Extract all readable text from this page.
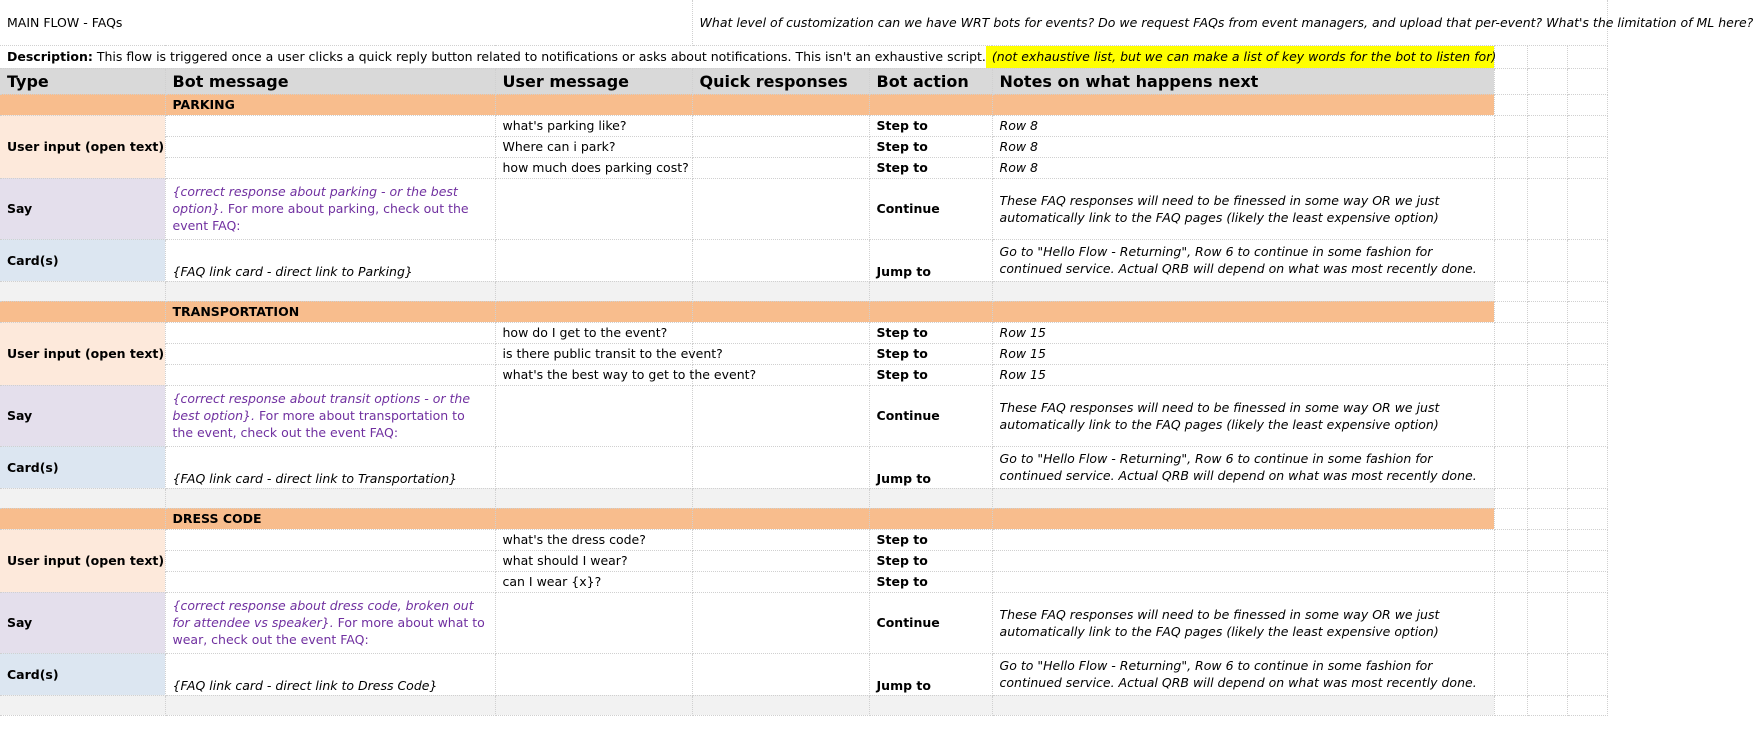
MAIN FLOW - FAQs			What level of customization can we have WRT bots for events? Do we request FAQs from event managers, and upload that per-event? What's the limitation of ML here?					

Description: This flow is triggered once a user clicks a quick reply button related to notifications or asks about notifications. This isn't an exhaustive script. (not exhaustive list, but we can make a list of key words for the bot to listen for)								

Type	Bot message	User message	Quick responses	Bot action	Notes on what happens next			
	PARKING							
User input (open text)		what's parking like?		Step to	Row 8			
		Where can i park?		Step to	Row 8			
		how much does parking cost?		Step to	Row 8			
Say	{correct response about parking - or the best option}. For more about parking, check out the event FAQ:			Continue	These FAQ responses will need to be finessed in some way OR we just automatically link to the FAQ pages (likely the least expensive option)			
Card(s)	{FAQ link card - direct link to Parking}			Jump to	Go to "Hello Flow - Returning", Row 6 to continue in some fashion for continued service. Actual QRB will depend on what was most recently done.			

	TRANSPORTATION							
User input (open text)		how do I get to the event?		Step to	Row 15			
		is there public transit to the event?		Step to	Row 15			
		what's the best way to get to the event?		Step to	Row 15			
Say	{correct response about transit options - or the best option}. For more about transportation to the event, check out the event FAQ:			Continue	These FAQ responses will need to be finessed in some way OR we just automatically link to the FAQ pages (likely the least expensive option)			
Card(s)	{FAQ link card - direct link to Transportation}			Jump to	Go to "Hello Flow - Returning", Row 6 to continue in some fashion for continued service. Actual QRB will depend on what was most recently done.			

	DRESS CODE							
User input (open text)		what's the dress code?		Step to				
		what should I wear?		Step to				
		can I wear {x}?		Step to				
Say	{correct response about dress code, broken out for attendee vs speaker}. For more about what to wear, check out the event FAQ:			Continue	These FAQ responses will need to be finessed in some way OR we just automatically link to the FAQ pages (likely the least expensive option)			
Card(s)	{FAQ link card - direct link to Dress Code}			Jump to	Go to "Hello Flow - Returning", Row 6 to continue in some fashion for continued service. Actual QRB will depend on what was most recently done.			
